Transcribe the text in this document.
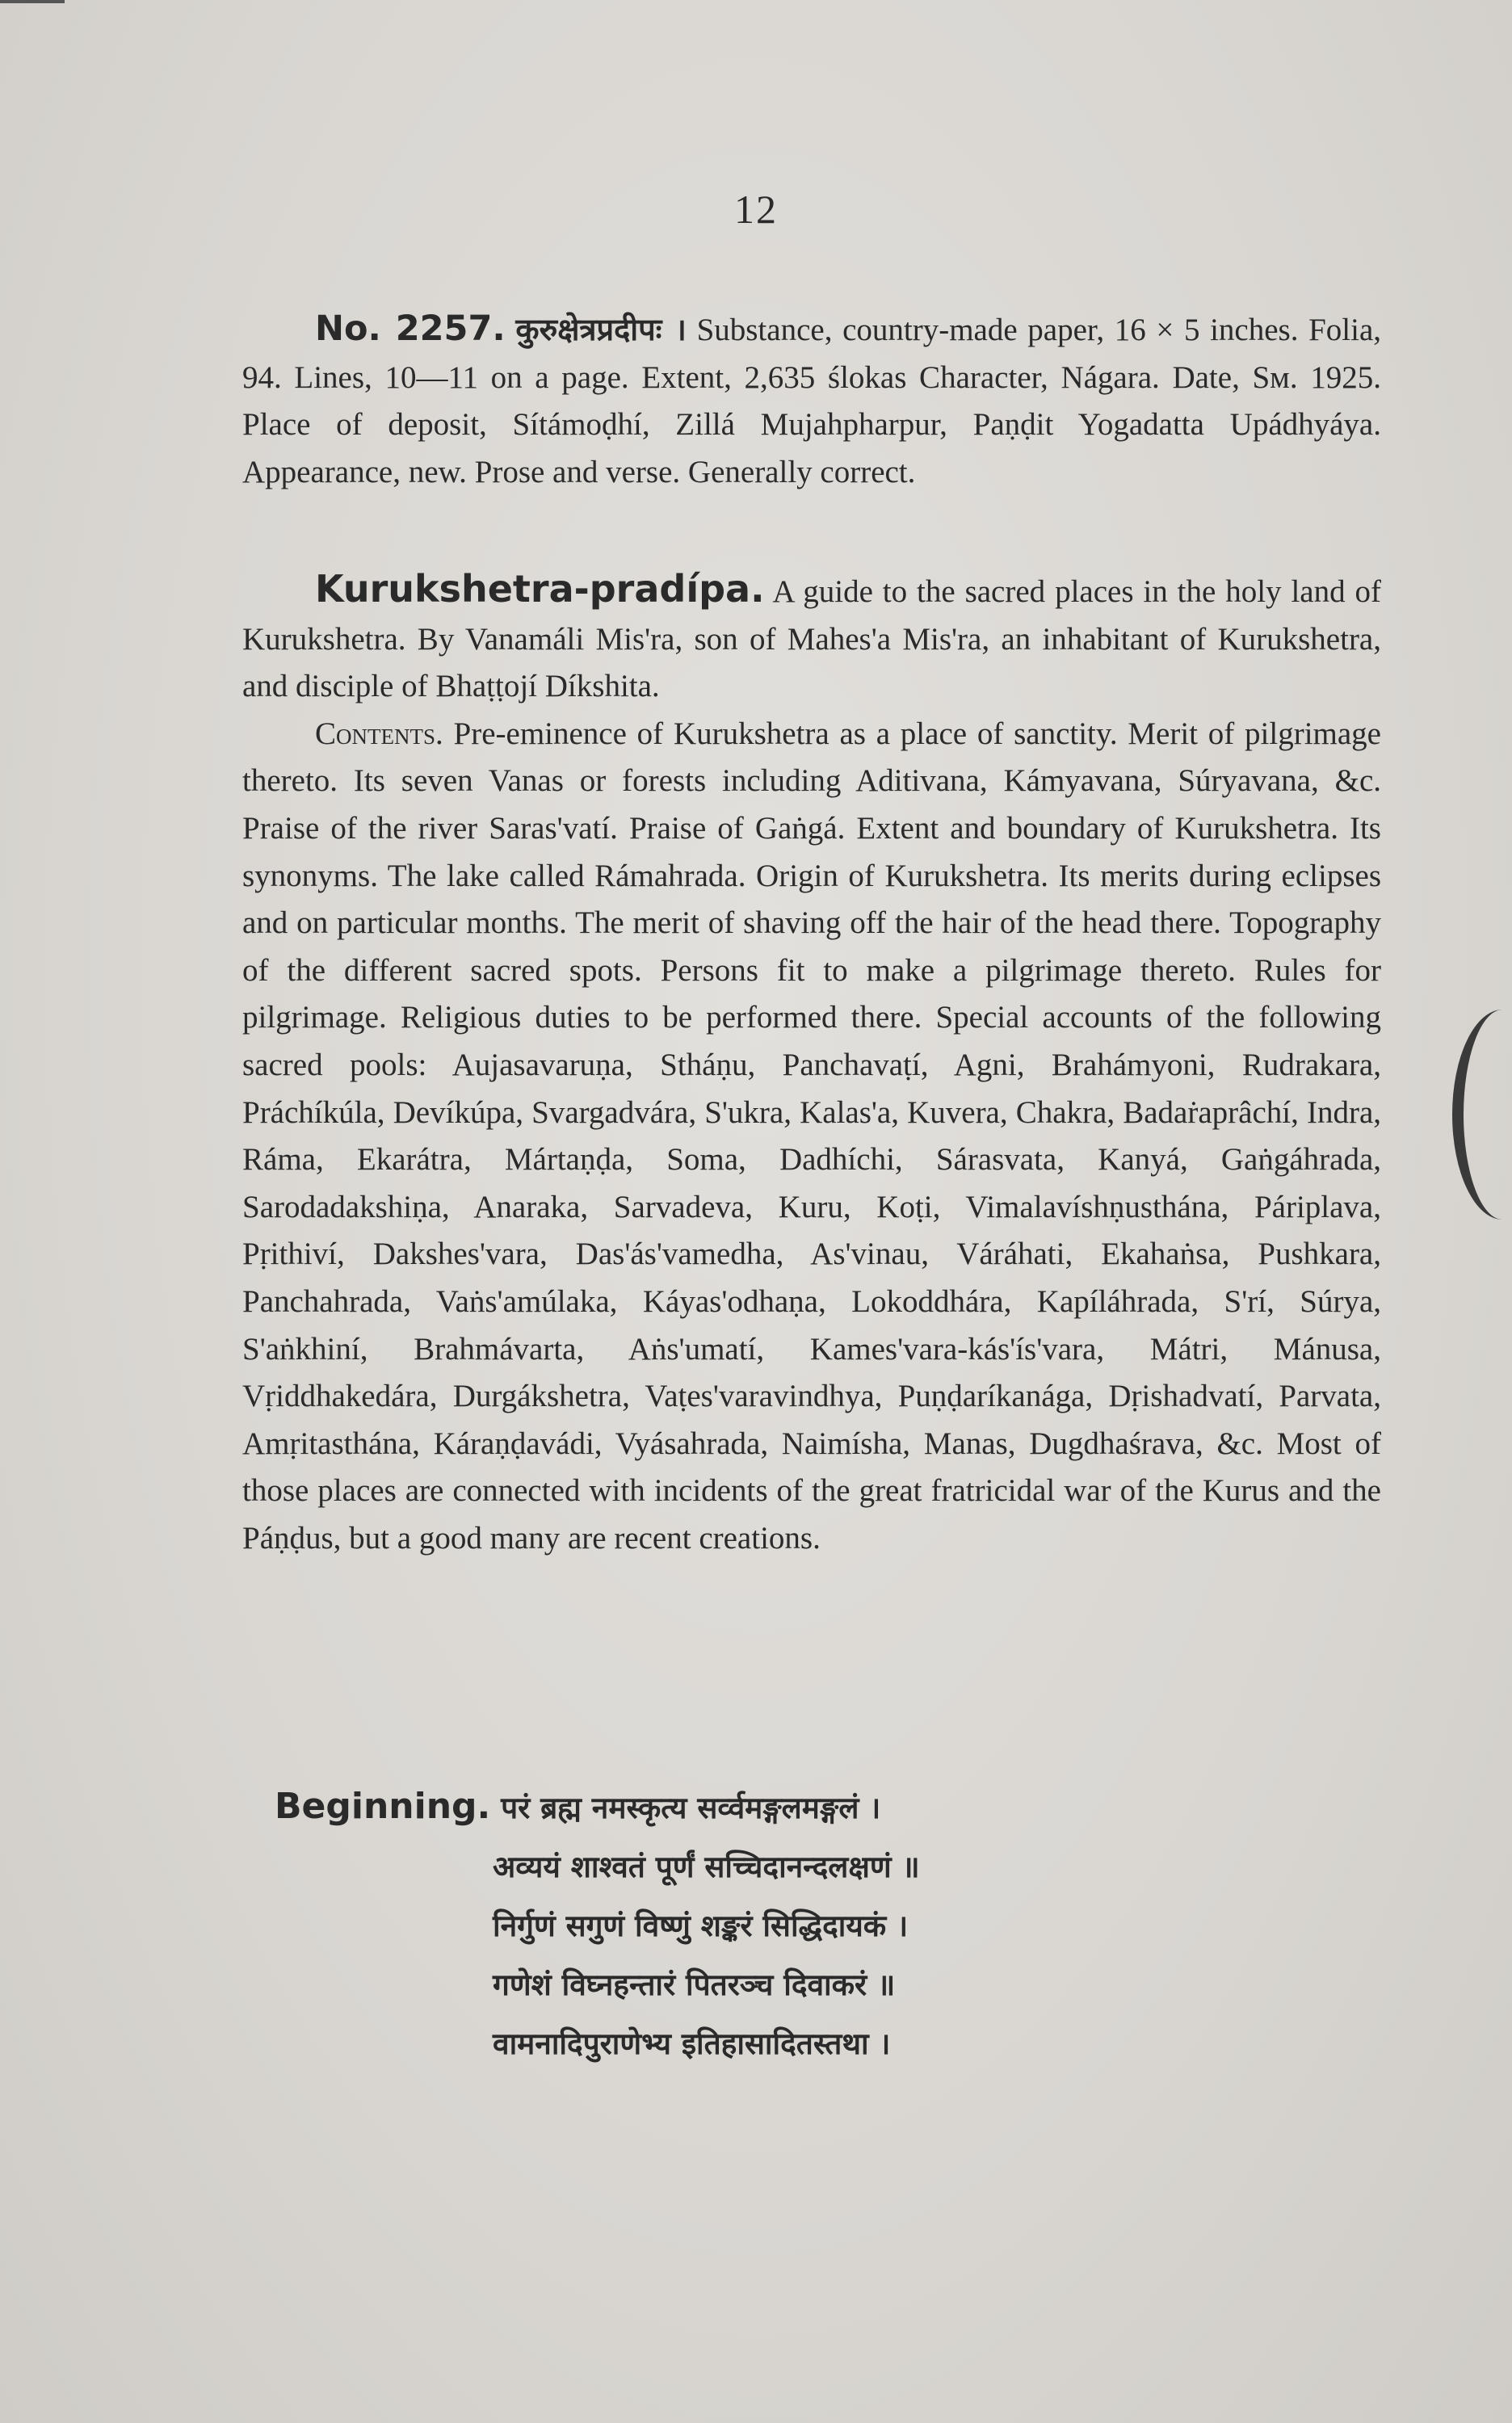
12

No. 2257. कुरुक्षेत्रप्रदीपः । Substance, country-made paper, 16 × 5 inches. Folia, 94. Lines, 10—11 on a page. Extent, 2,635 ślokas Character, Nágara. Date, Sм. 1925. Place of deposit, Sítámoḍhí, Zillá Mujahpharpur, Paṇḍit Yogadatta Upádhyáya. Appearance, new. Prose and verse. Generally correct.

Kurukshetra-pradípa. A guide to the sacred places in the holy land of Kurukshetra. By Vanamáli Mis'ra, son of Mahes'a Mis'ra, an inhabitant of Kurukshetra, and disciple of Bhaṭṭojí Díkshita.

Contents. Pre-eminence of Kurukshetra as a place of sanctity. Merit of pilgrimage thereto. Its seven Vanas or forests including Aditivana, Kámyavana, Súryavana, &c. Praise of the river Saras'vatí. Praise of Gaṅgá. Extent and boundary of Kurukshetra. Its synonyms. The lake called Rámahrada. Origin of Kurukshetra. Its merits during eclipses and on particular months. The merit of shaving off the hair of the head there. Topography of the different sacred spots. Persons fit to make a pilgrimage thereto. Rules for pilgrimage. Religious duties to be performed there. Special accounts of the following sacred pools: Aujasavaruṇa, Stháṇu, Panchavaṭí, Agni, Brahámyoni, Rudrakara, Práchíkúla, Devíkúpa, Svargadvára, S'ukra, Kalas'a, Kuvera, Chakra, Badaṙaprâchí, Indra, Ráma, Ekarátra, Mártaṇḍa, Soma, Dadhíchi, Sárasvata, Kanyá, Gaṅgáhrada, Sarodadakshiṇa, Anaraka, Sarvadeva, Kuru, Koṭi, Vimalavíshṇusthána, Páriplava, Pṛithiví, Dakshes'vara, Das'ás'vamedha, As'vinau, Váráhati, Ekahaṅsa, Pushkara, Panchahrada, Vaṅs'amúlaka, Káyas'odhaṇa, Lokoddhára, Kapíláhrada, S'rí, Súrya, S'aṅkhiní, Brahmávarta, Aṅs'umatí, Kames'vara-kás'ís'vara, Mátri, Mánusa, Vṛiddhakedára, Durgákshetra, Vaṭes'varavindhya, Puṇḍaríkanága, Dṛishadvatí, Parvata, Amṛitasthána, Káraṇḍavádi, Vyásahrada, Naimísha, Manas, Dugdhaśrava, &c. Most of those places are connected with incidents of the great fratricidal war of the Kurus and the Páṇḍus, but a good many are recent creations.

Beginning. परं ब्रह्म नमस्कृत्य सर्व्वमङ्गलमङ्गलं ।
अव्ययं शाश्वतं पूर्णं सच्चिदानन्दलक्षणं ॥
निर्गुणं सगुणं विष्णुं शङ्करं सिद्धिदायकं ।
गणेशं विघ्नहन्तारं पितरञ्च दिवाकरं ॥
वामनादिपुराणेभ्य इतिहासादितस्तथा ।
